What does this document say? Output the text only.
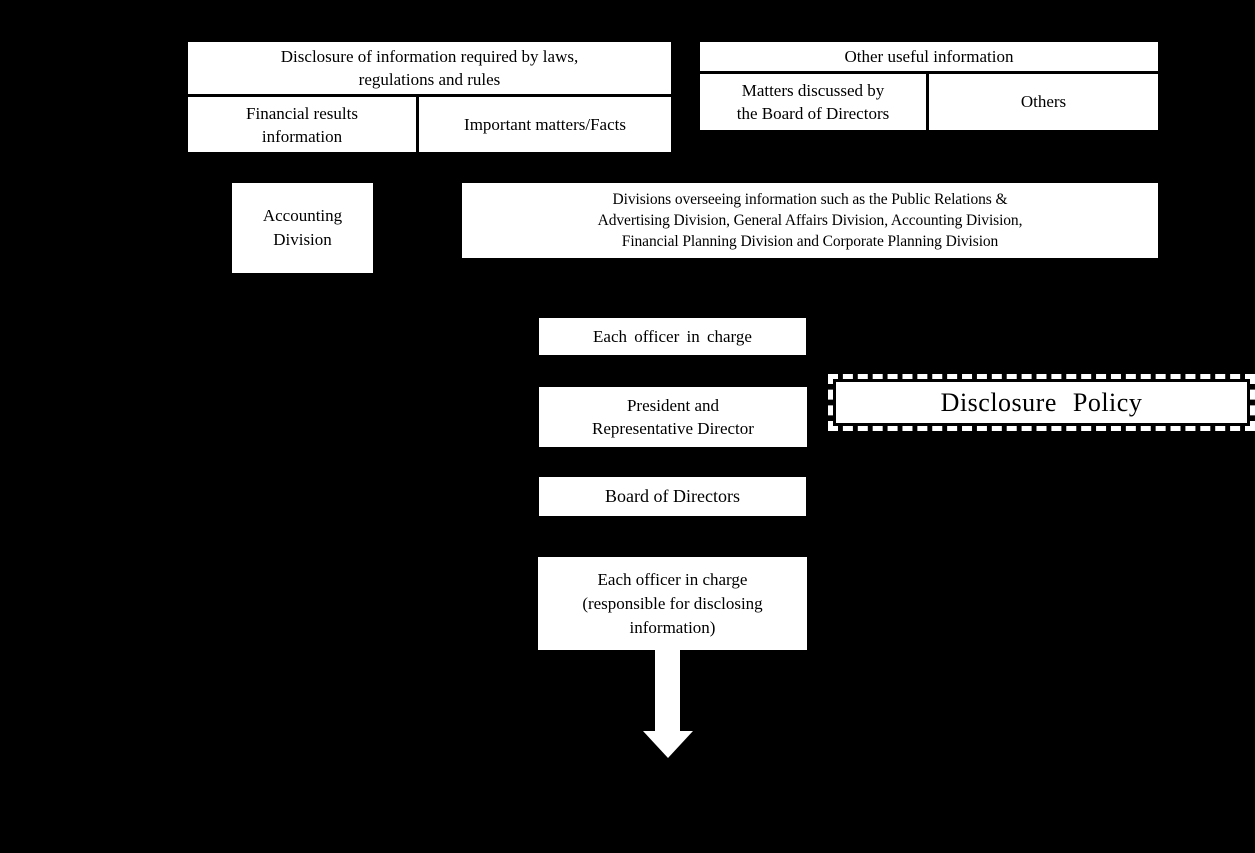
Disclosure of information required by laws,
regulations and rules
Financial results
information
Important matters/Facts
Other useful information
Matters discussed by
the Board of Directors
Others
Accounting
Division
Divisions overseeing information such as the Public Relations &
Advertising Division, General Affairs Division, Accounting Division,
Financial Planning Division and Corporate Planning Division
Each officer in charge
President and
Representative Director
Disclosure Policy
Board of Directors
Each officer in charge
(responsible for disclosing
information)
